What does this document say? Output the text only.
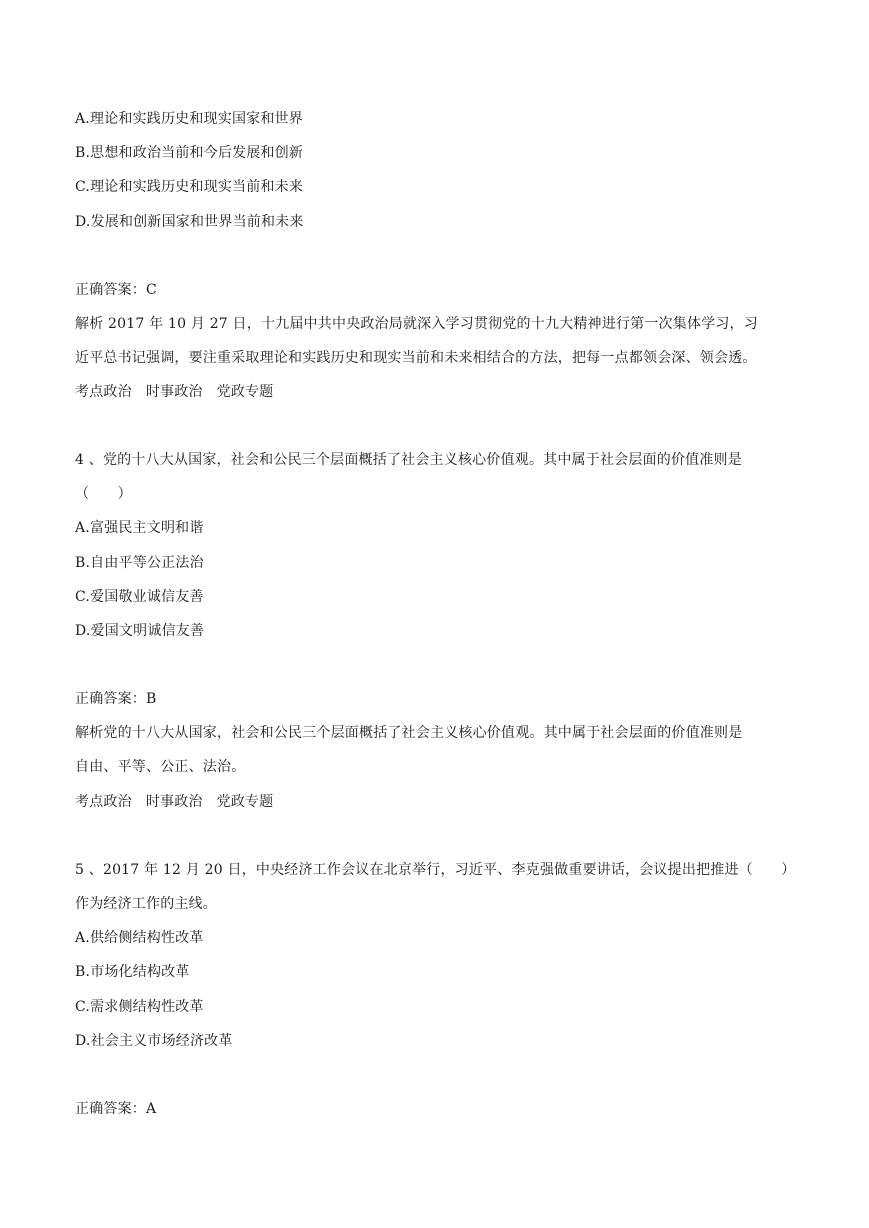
A.理论和实践历史和现实国家和世界
B.思想和政治当前和今后发展和创新
C.理论和实践历史和现实当前和未来
D.发展和创新国家和世界当前和未来
正确答案：C
解析 2017 年 10 月 27 日，十九届中共中央政治局就深入学习贯彻党的十九大精神进行第一次集体学习，习
近平总书记强调，要注重采取理论和实践历史和现实当前和未来相结合的方法，把每一点都领会深、领会透。
考点政治 时事政治 党政专题
4 、党的十八大从国家，社会和公民三个层面概括了社会主义核心价值观。其中属于社会层面的价值准则是
（　　）
A.富强民主文明和谐
B.自由平等公正法治
C.爱国敬业诚信友善
D.爱国文明诚信友善
正确答案：B
解析党的十八大从国家，社会和公民三个层面概括了社会主义核心价值观。其中属于社会层面的价值准则是
自由、平等、公正、法治。
考点政治 时事政治 党政专题
5 、2017 年 12 月 20 日，中央经济工作会议在北京举行，习近平、李克强做重要讲话，会议提出把推进（　　）
作为经济工作的主线。
A.供给侧结构性改革
B.市场化结构改革
C.需求侧结构性改革
D.社会主义市场经济改革
正确答案：A
